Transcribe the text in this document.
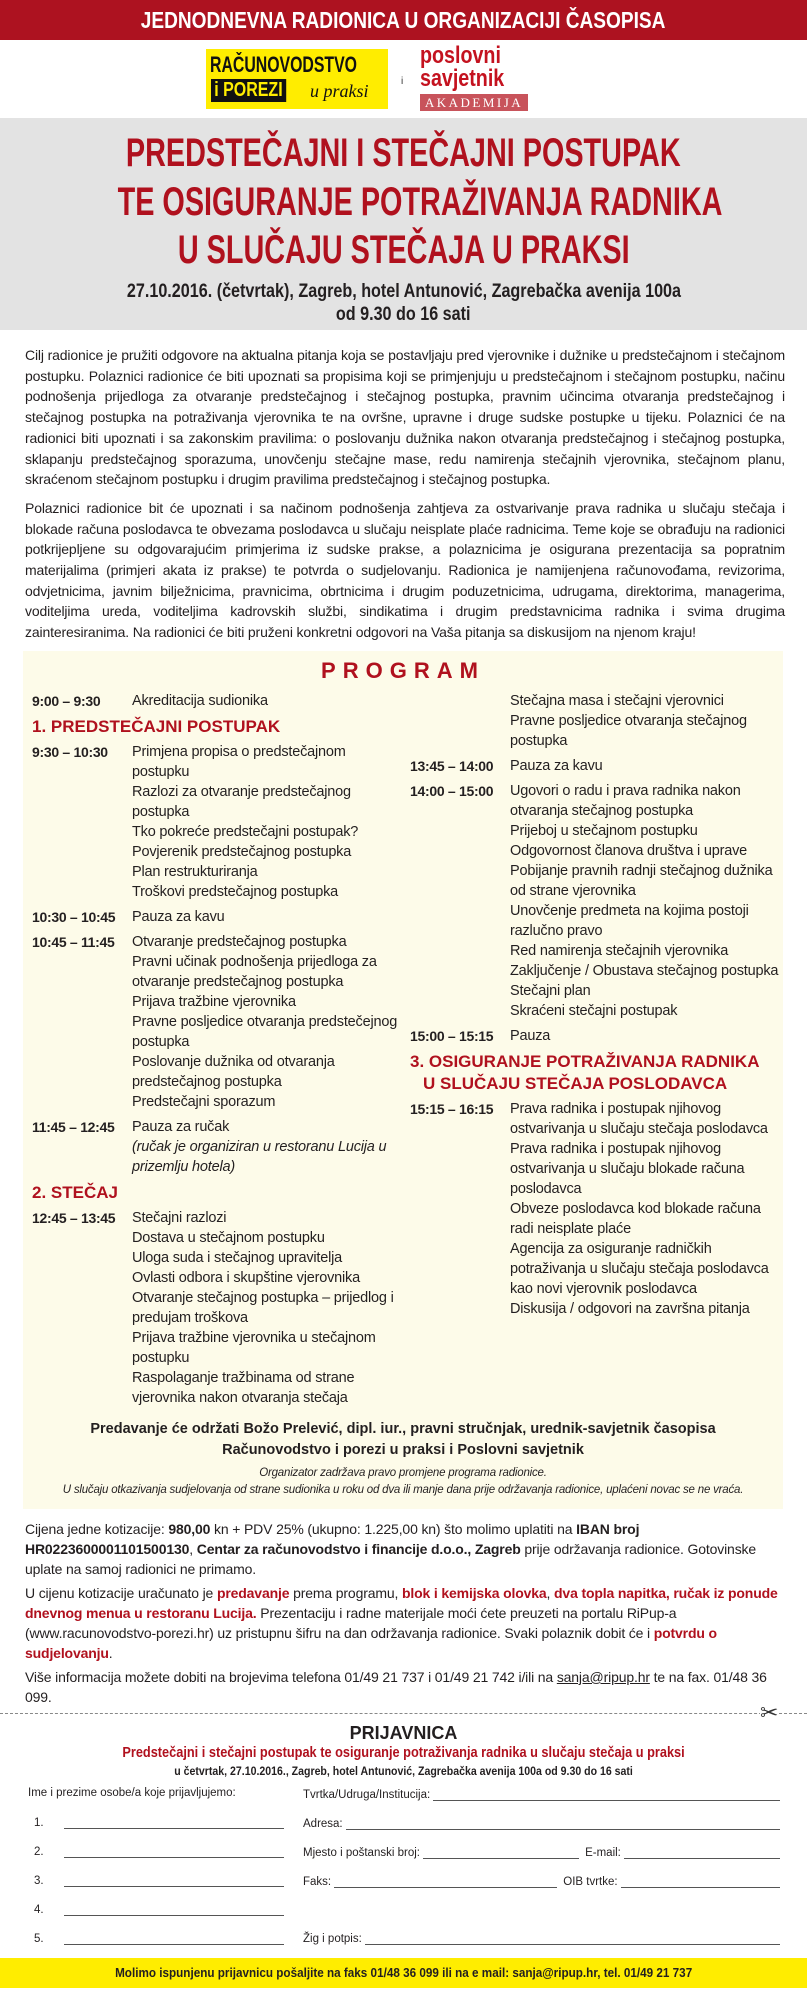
JEDNODNEVNA RADIONICA U ORGANIZACIJI ČASOPISA
RAČUNOVODSTVO
i POREZI u praksi	i
poslovni
savjetnik
AKADEMIJA
PREDSTEČAJNI I STEČAJNI POSTUPAK
TE OSIGURANJE POTRAŽIVANJA RADNIKA
U SLUČAJU STEČAJA U PRAKSI
27.10.2016. (četvrtak), Zagreb, hotel Antunović, Zagrebačka avenija 100a
od 9.30 do 16 sati

Cilj radionice je pružiti odgovore na aktualna pitanja koja se postavljaju pred vjerovnike i dužnike u predstečajnom i stečajnom postupku. Polaznici radionice će biti upoznati sa propisima koji se primjenjuju u predstečajnom i stečajnom postupku, načinu podnošenja prijedloga za otvaranje predstečajnog i stečajnog postupka, pravnim učincima otvaranja predstečajnog i stečajnog postupka na potraživanja vjerovnika te na ovršne, upravne i druge sudske postupke u tijeku. Polaznici će na radionici biti upoznati i sa zakonskim pravilima: o poslovanju dužnika nakon otvaranja predstečajnog i stečajnog postupka, sklapanju predstečajnog sporazuma, unovčenju stečajne mase, redu namirenja stečajnih vjerovnika, stečajnom planu, skraćenom stečajnom postupku i drugim pravilima predstečajnog i stečajnog postupka.

Polaznici radionice bit će upoznati i sa načinom podnošenja zahtjeva za ostvarivanje prava radnika u slučaju stečaja i blokade računa poslodavca te obvezama poslodavca u slučaju neisplate plaće radnicima. Teme koje se obrađuju na radionici potkrijepljene su odgovarajućim primjerima iz sudske prakse, a polaznicima je osigurana prezentacija sa popratnim materijalima (primjeri akata iz prakse) te potvrda o sudjelovanju. Radionica je namijenjena računovođama, revizorima, odvjetnicima, javnim bilježnicima, pravnicima, obrtnicima i drugim poduzetnicima, udrugama, direktorima, managerima, voditeljima ureda, voditeljima kadrovskih službi, sindikatima i drugim predstavnicima radnika i svima drugima zainteresiranima. Na radionici će biti pruženi konkretni odgovori na Vaša pitanja sa diskusijom na njenom kraju!

PROGRAM
9:00 – 9:30	Akreditacija sudionika
1. PREDSTEČAJNI POSTUPAK
9:30 – 10:30	Primjena propisa o predstečajnom postupku
Razlozi za otvaranje predstečajnog postupka
Tko pokreće predstečajni postupak?
Povjerenik predstečajnog postupka
Plan restrukturiranja
Troškovi predstečajnog postupka
10:30 – 10:45	Pauza za kavu
10:45 – 11:45	Otvaranje predstečajnog postupka
Pravni učinak podnošenja prijedloga za otvaranje predstečajnog postupka
Prijava tražbine vjerovnika
Pravne posljedice otvaranja predstečejnog postupka
Poslovanje dužnika od otvaranja predstečajnog postupka
Predstečajni sporazum
11:45 – 12:45	Pauza za ručak
(ručak je organiziran u restoranu Lucija u prizemlju hotela)
2. STEČAJ
12:45 – 13:45	Stečajni razlozi
Dostava u stečajnom postupku
Uloga suda i stečajnog upravitelja
Ovlasti odbora i skupštine vjerovnika
Otvaranje stečajnog postupka – prijedlog i predujam troškova
Prijava tražbine vjerovnika u stečajnom postupku
Raspolaganje tražbinama od strane vjerovnika nakon otvaranja stečaja
Stečajna masa i stečajni vjerovnici
Pravne posljedice otvaranja stečajnog postupka
13:45 – 14:00	Pauza za kavu
14:00 – 15:00	Ugovori o radu i prava radnika nakon otvaranja stečajnog postupka
Prijeboj u stečajnom postupku
Odgovornost članova društva i uprave
Pobijanje pravnih radnji stečajnog dužnika od strane vjerovnika
Unovčenje predmeta na kojima postoji razlučno pravo
Red namirenja stečajnih vjerovnika
Zaključenje / Obustava stečajnog postupka
Stečajni plan
Skraćeni stečajni postupak
15:00 – 15:15	Pauza
3. OSIGURANJE POTRAŽIVANJA RADNIKA
U SLUČAJU STEČAJA POSLODAVCA
15:15 – 16:15	Prava radnika i postupak njihovog ostvarivanja u slučaju stečaja poslodavca
Prava radnika i postupak njihovog ostvarivanja u slučaju blokade računa poslodavca
Obveze poslodavca kod blokade računa radi neisplate plaće
Agencija za osiguranje radničkih potraživanja u slučaju stečaja poslodavca kao novi vjerovnik poslodavca
Diskusija / odgovori na završna pitanja
Predavanje će održati Božo Prelević, dipl. iur., pravni stručnjak, urednik-savjetnik časopisa
Računovodstvo i porezi u praksi i Poslovni savjetnik
Organizator zadržava pravo promjene programa radionice.
U slučaju otkazivanja sudjelovanja od strane sudionika u roku od dva ili manje dana prije održavanja radionice, uplaćeni novac se ne vraća.

Cijena jedne kotizacije: 980,00 kn + PDV 25% (ukupno: 1.225,00 kn) što molimo uplatiti na IBAN broj HR0223600001101500130, Centar za računovodstvo i financije d.o.o., Zagreb prije održavanja radionice. Gotovinske uplate na samoj radionici ne primamo.

U cijenu kotizacije uračunato je predavanje prema programu, blok i kemijska olovka, dva topla napitka, ručak iz ponude dnevnog menua u restoranu Lucija. Prezentaciju i radne materijale moći ćete preuzeti na portalu RiPup-a (www.racunovodstvo-porezi.hr) uz pristupnu šifru na dan održavanja radionice. Svaki polaznik dobit će i potvrdu o sudjelovanju.

Više informacija možete dobiti na brojevima telefona 01/49 21 737 i 01/49 21 742 i/ili na sanja@ripup.hr te na fax. 01/48 36 099.

✂
PRIJAVNICA
Predstečajni i stečajni postupak te osiguranje potraživanja radnika u slučaju stečaja u praksi
u četvrtak, 27.10.2016., Zagreb, hotel Antunović, Zagrebačka avenija 100a od 9.30 do 16 sati
Ime i prezime osobe/a koje prijavljujemo:
1.
2.
3.
4.
5.
Tvrtka/Udruga/Institucija:
Adresa:
Mjesto i poštanski broj:	E-mail:
Faks:	OIB tvrtke:
Žig i potpis:
Molimo ispunjenu prijavnicu pošaljite na faks 01/48 36 099 ili na e mail: sanja@ripup.hr, tel. 01/49 21 737
